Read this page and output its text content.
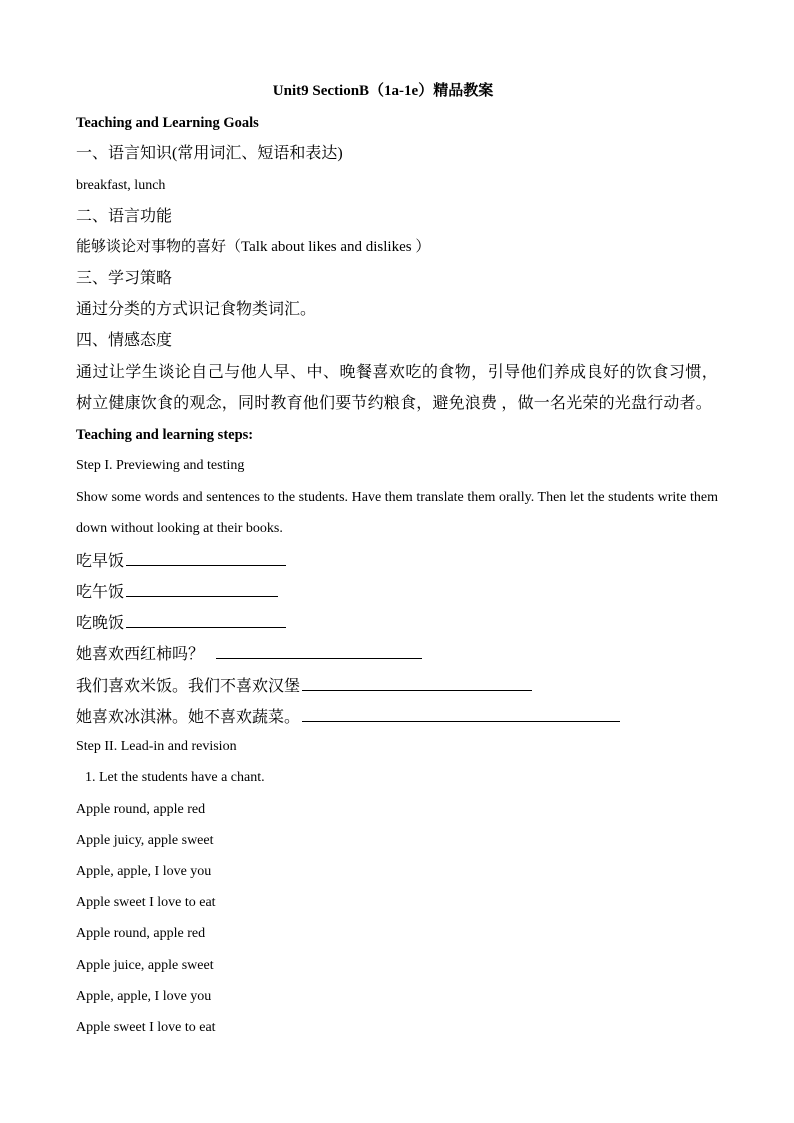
Unit9 SectionB（1a-1e）精品教案
Teaching and Learning Goals
一、语言知识(常用词汇、短语和表达)
breakfast, lunch
二、语言功能
能够谈论对事物的喜好（Talk about likes and dislikes ）
三、学习策略
通过分类的方式识记食物类词汇。
四、情感态度
通过让学生谈论自己与他人早、中、晚餐喜欢吃的食物，引导他们养成良好的饮食习惯，树立健康饮食的观念，同时教育他们要节约粮食，避免浪费 ，做一名光荣的光盘行动者。
Teaching and learning steps:
Step I. Previewing and testing
Show some words and sentences to the students. Have them translate them orally. Then let the students write them down without looking at their books.
吃早饭
吃午饭
吃晚饭
她喜欢西红柿吗？
我们喜欢米饭。我们不喜欢汉堡
她喜欢冰淇淋。她不喜欢蔬菜。
Step II. Lead-in and revision
1. Let the students have a chant.
Apple round, apple red
Apple juicy, apple sweet
Apple, apple, I love you
Apple sweet I love to eat
Apple round, apple red
Apple juice, apple sweet
Apple, apple, I love you
Apple sweet I love to eat
